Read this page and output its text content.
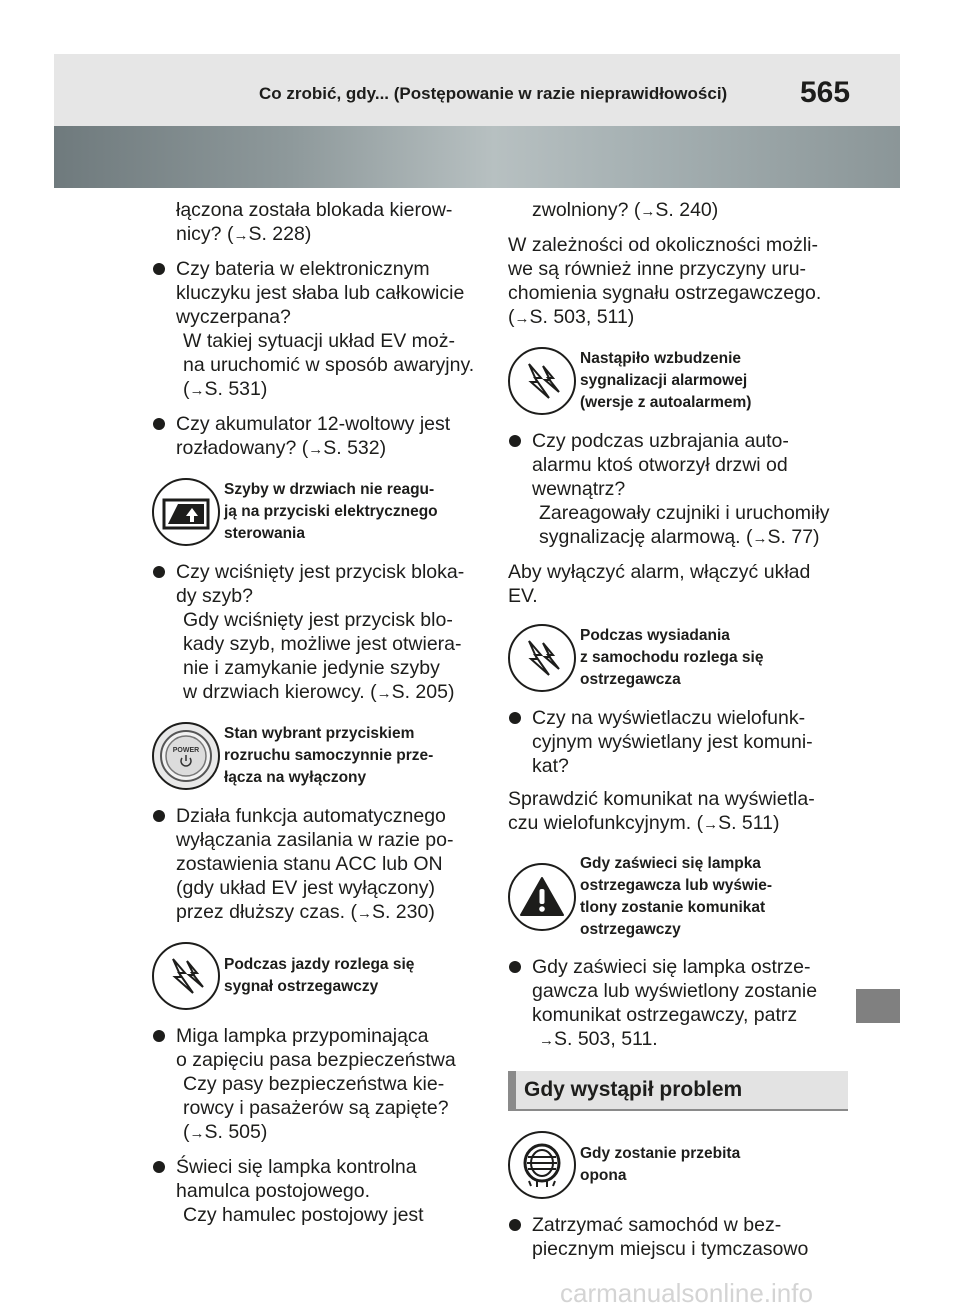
Co zrobić, gdy... (Postępowanie w razie nieprawidłowości) 565

łączona została blokada kierow-
nicy? (→S. 228)

Czy bateria w elektronicznym
kluczyku jest słaba lub całkowicie
wyczerpana?

W takiej sytuacji układ EV moż-
na uruchomić w sposób awaryjny.
(→S. 531)

Czy akumulator 12-woltowy jest
rozładowany? (→S. 532)

Szyby w drzwiach nie reagu-
ją na przyciski elektrycznego
sterowania

Czy wciśnięty jest przycisk bloka-
dy szyb?

Gdy wciśnięty jest przycisk blo-
kady szyb, możliwe jest otwiera-
nie i zamykanie jedynie szyby
w drzwiach kierowcy. (→S. 205)

POWER
Stan wybrant przyciskiem
rozruchu samoczynnie prze-
łącza na wyłączony

Działa funkcja automatycznego
wyłączania zasilania w razie po-
zostawienia stanu ACC lub ON
(gdy układ EV jest wyłączony)
przez dłuższy czas. (→S. 230)

Podczas jazdy rozlega się
sygnał ostrzegawczy

Miga lampka przypominająca
o zapięciu pasa bezpieczeństwa

Czy pasy bezpieczeństwa kie-
rowcy i pasażerów są zapięte?
(→S. 505)

Świeci się lampka kontrolna
hamulca postojowego.

Czy hamulec postojowy jest

zwolniony? (→S. 240)

W zależności od okoliczności możli-
we są również inne przyczyny uru-
chomienia sygnału ostrzegawczego.
(→S. 503, 511)

Nastąpiło wzbudzenie
sygnalizacji alarmowej
(wersje z autoalarmem)

Czy podczas uzbrajania auto-
alarmu ktoś otworzył drzwi od
wewnątrz?

Zareagowały czujniki i uruchomiły
sygnalizację alarmową. (→S. 77)

Aby wyłączyć alarm, włączyć układ
EV.

Podczas wysiadania
z samochodu rozlega się
ostrzegawcza

Czy na wyświetlaczu wielofunk-
cyjnym wyświetlany jest komuni-
kat?

Sprawdzić komunikat na wyświetla-
czu wielofunkcyjnym. (→S. 511)

Gdy zaświeci się lampka
ostrzegawcza lub wyświe-
tlony zostanie komunikat
ostrzegawczy

Gdy zaświeci się lampka ostrze-
gawcza lub wyświetlony zostanie
komunikat ostrzegawczy, patrz

→S. 503, 511.

Gdy wystąpił problem
Gdy zostanie przebita
opona

Zatrzymać samochód w bez-
piecznym miejscu i tymczasowo

carmanualsonline.info
